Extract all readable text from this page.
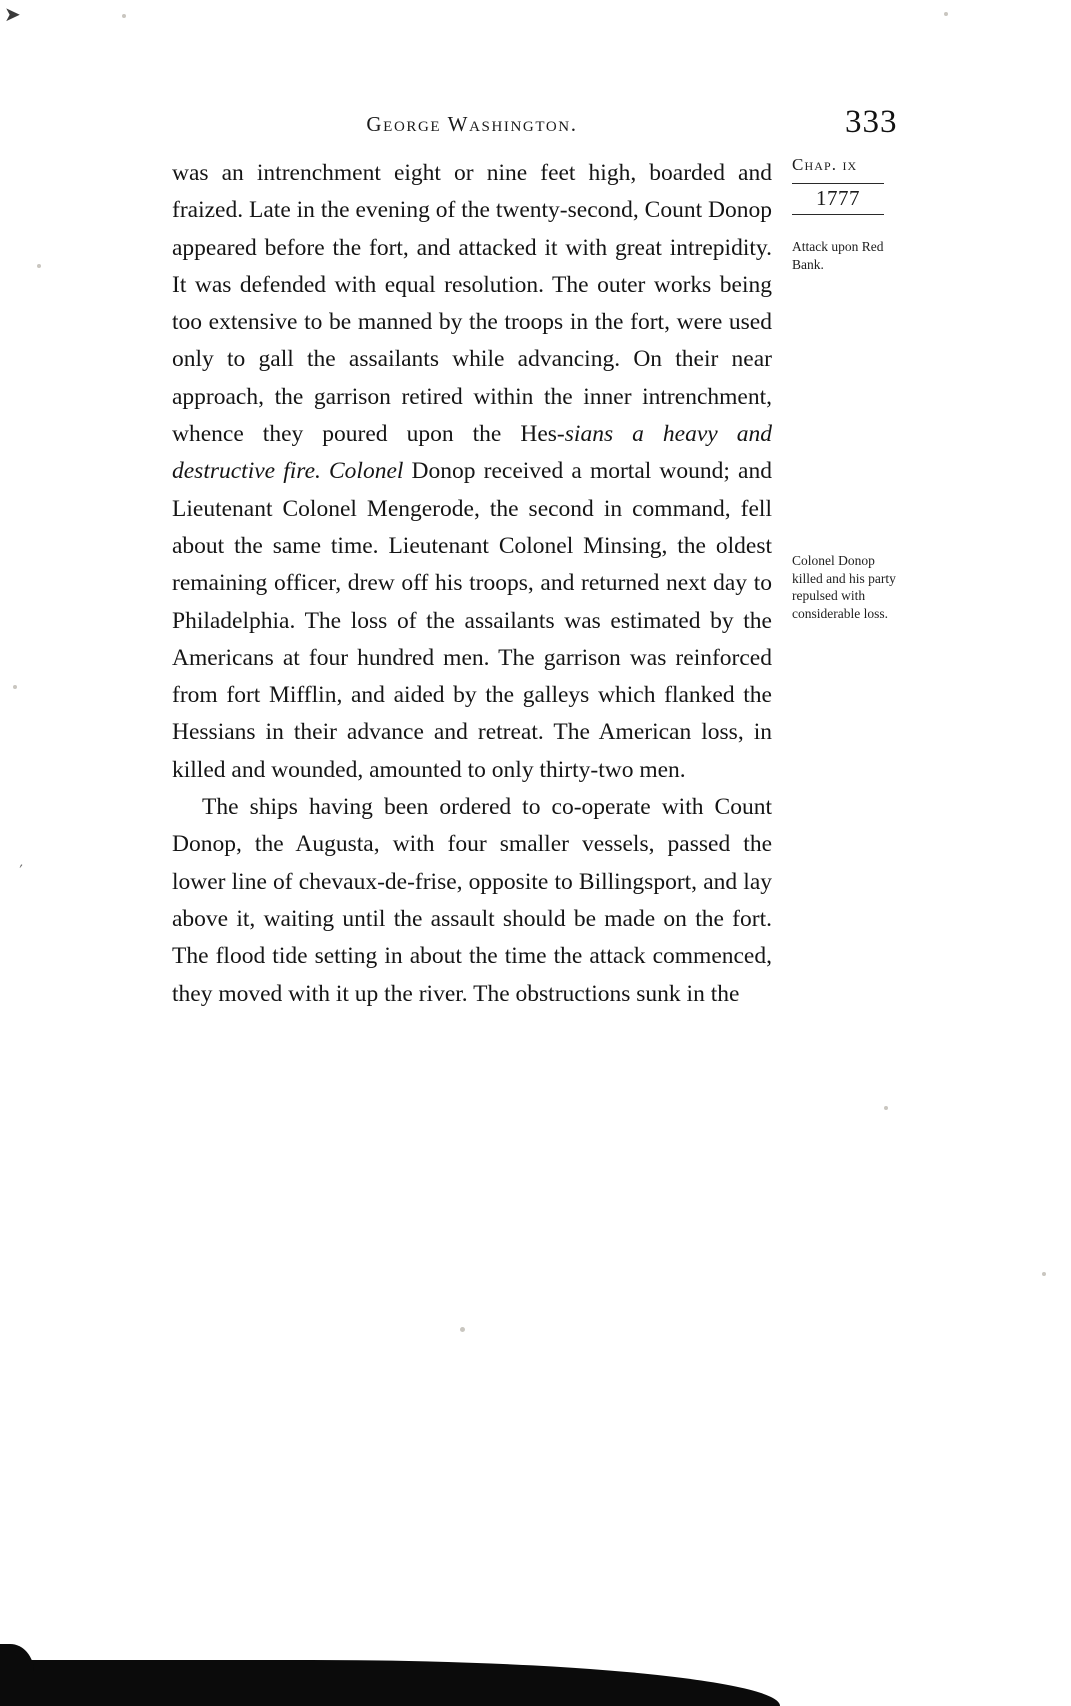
➤
′
George Washington.	333

was an intrenchment eight or nine feet high, boarded and fraized. Late in the evening of the twenty-second, Count Donop appeared before the fort, and attacked it with great intrepidity. It was defended with equal resolution. The outer works being too extensive to be manned by the troops in the fort, were used only to gall the assailants while advancing. On their near approach, the garrison retired within the inner intrenchment, whence they poured upon the Hes-sians a heavy and destructive fire. Colonel Donop received a mortal wound; and Lieutenant Colonel Mengerode, the second in command, fell about the same time. Lieutenant Colonel Minsing, the oldest remaining officer, drew off his troops, and returned next day to Philadelphia. The loss of the assailants was estimated by the Americans at four hundred men. The garrison was reinforced from fort Mifflin, and aided by the galleys which flanked the Hessians in their advance and retreat. The American loss, in killed and wounded, amounted to only thirty-two men.

The ships having been ordered to co-operate with Count Donop, the Augusta, with four smaller vessels, passed the lower line of chevaux-de-frise, opposite to Billingsport, and lay above it, waiting until the assault should be made on the fort. The flood tide setting in about the time the attack commenced, they moved with it up the river. The obstructions sunk in the

Chap. ix
1777
Attack upon Red Bank.
Colonel Donop killed and his party repulsed with considerable loss.
